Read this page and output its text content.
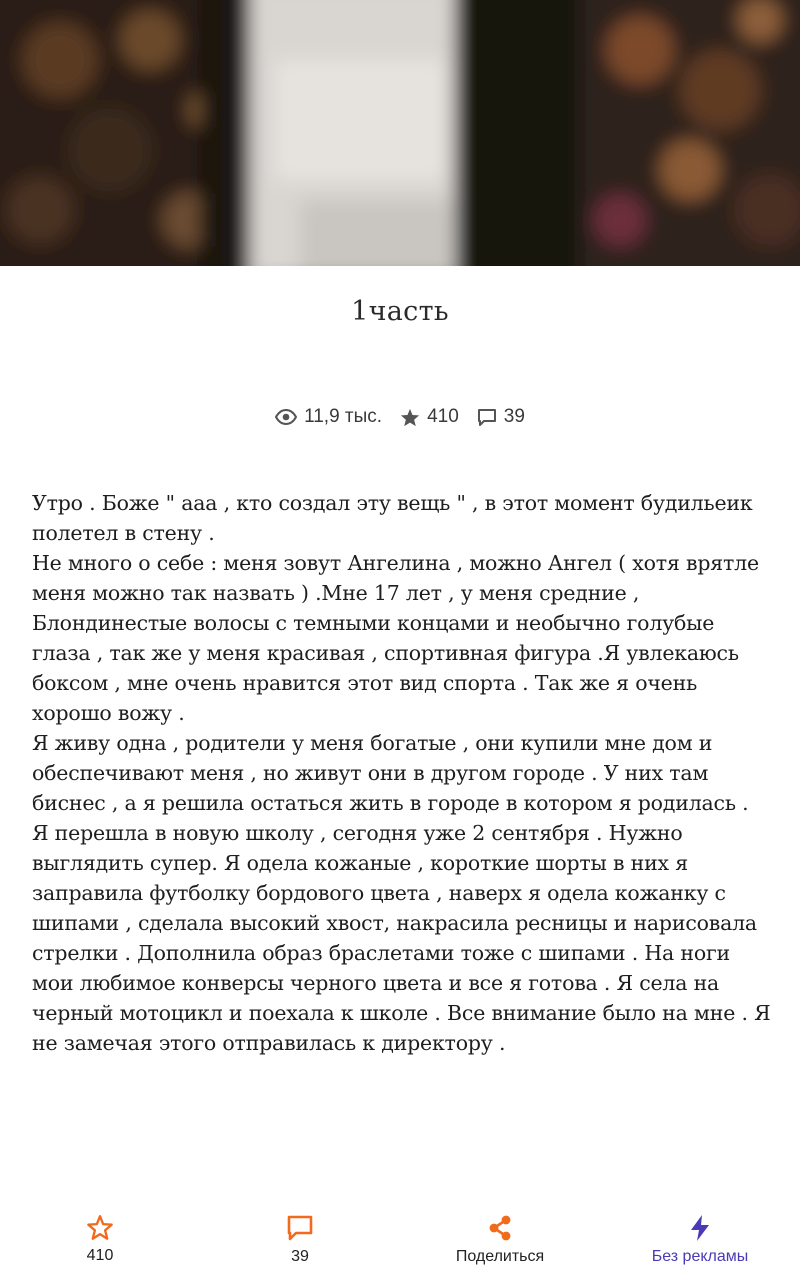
1часть
11,9 тыс. 410 39

Утро . Боже " ааа , кто создал эту вещь " , в этот момент будильеик полетел в стену .

Не много о себе : меня зовут Ангелина , можно Ангел ( хотя врятле меня можно так назвать ) .Мне 17 лет , у меня средние , Блондинестые волосы с темными концами и необычно голубые глаза , так же у меня красивая , спортивная фигура .Я увлекаюсь боксом , мне очень нравится этот вид спорта . Так же я очень хорошо вожу .

Я живу одна , родители у меня богатые , они купили мне дом и обеспечивают меня , но живут они в другом городе . У них там биснес , а я решила остаться жить в городе в котором я родилась .

Я перешла в новую школу , сегодня уже 2 сентября . Нужно выглядить супер. Я одела кожаные , короткие шорты в них я заправила футболку бордового цвета , наверх я одела кожанку с шипами , сделала высокий хвост, накрасила ресницы и нарисовала стрелки . Дополнила образ браслетами тоже с шипами . На ноги мои любимое конверсы черного цвета и все я готова . Я села на черный мотоцикл и поехала к школе . Все внимание было на мне . Я не замечая этого отправилась к директору .

410	39	Поделиться	Без рекламы
